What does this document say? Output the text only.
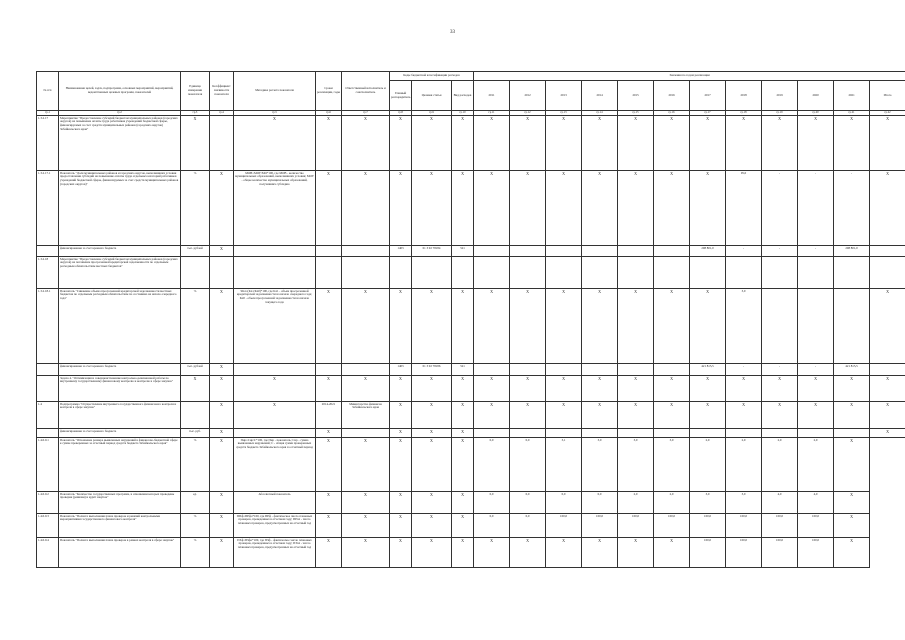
33
№ п/п	Наименование целей, задач, подпрограмм, основных мероприятий, мероприятий, ведомственных целевых программ, показателей	Единица измерения показателя	Коэффициент значимости показателя	Методика расчета показателя	Сроки реализации, годы	Ответственный исполнитель и соисполнитель	Коды бюджетной классификации расходов			Значения по годам реализации											
							Главный распорядитель	Целевая статья	Вид расходов	2011	2012	2013	2014	2015	2016	2017	2018	2019	2020	2021	Итого
гр.1	гр.2	гр.3	гр.4	гр.5	гр.6	гр.7	гр.8	гр.9	гр.10	гр.11	гр.12	гр.13	гр.14	гр.15	гр.16	гр.17	гр.18	гр.19	гр.20	гр.21	гр.22
1.3.2.17	Мероприятие "Предоставление субсидий бюджетам муниципальных районов (городских округов) на повышение оплаты труда работников учреждений бюджетной сферы, финансируемых за счет средств муниципальных районов (городских округов) Забайкальского края"	Х		Х	Х	Х	Х	Х	Х	Х	Х	Х	Х	Х	Х	Х	Х	Х	Х	Х	Х
1.3.2.17.1	Показатель "Доля муниципальных районов и городских округов, выполнивших условия предоставления субсидий на повышение оплаты труда отдельных категорий работников учреждений бюджетной сферы, финансируемых за счет средств муниципальных районов (городских округов)"	%	Х	МОВ=МОУ/МО*100, где МОВ - количество муниципальных образований, выполнивших условия; МОУ - общее количество муниципальных образований, получивших субсидию	Х	Х	Х	Х	Х	Х	Х	Х	Х	Х	Х	Х	95,0	-	-	-	Х
	финансирование за счет краевого бюджета	тыс. рублей	Х				1403	01 3 02 78184	521							298 801,0	-	-	-	298 801,0	
1.3.2.18	Мероприятие "Предоставление субсидий бюджетам муниципальных районов (городских округов) на погашение просроченной кредиторской задолженности по отдельным расходным обязательствам местных бюджетов"																				
1.3.2.18.1	Показатель "Снижение объема просроченной кредиторской задолженности местных бюджетов по отдельным расходным обязательствам по состоянию на начало очередного года"	%	Х	SKz=(Kz1/Kz0)*100, где Kz1 - объем просроченной кредиторской задолженности на начало очередного года; Kz0 - объем просроченной задолженности на начало текущего года	Х	Х	Х	Х	Х	Х	Х	Х	Х	Х	Х	Х	3,0				Х
	финансирование за счет краевого бюджета	тыс. рублей	Х				1403	01 3 02 78186	521							421 815,5	-	-	-	421 815,5	
	Задача 4. "Оптимизация и совершенствование контрольно-ревизионной работы по внутреннему государственному финансовому контролю и контролю в сфере закупок"	Х	Х	Х	Х	Х	Х	Х	Х	Х	Х	Х	Х	Х	Х	Х	Х	Х	Х	Х	Х
1.4	Подпрограмма "Осуществление внутреннего государственного финансового контроля и контроля в сфере закупок"		Х	Х	2014-2021	Министерство финансов Забайкальского края	Х	Х	Х	Х	Х	Х	Х	Х	Х	Х	Х	Х	Х	Х	Х
	финансирование за счет краевого бюджета	тыс. руб.	Х		Х		Х	Х	Х												Х
1.4.0.0.1	Показатель "Отношение размера выявленных нарушений в финансово-бюджетной сфере к сумме проверенных за отчетный период средств бюджета Забайкальского края"	%	Х	Пнр=Снр/С*100, где Пнр - показатель; Снр - сумма выявленных нарушений; С - общая сумма проверенных средств бюджета Забайкальского края за отчетный период	Х	Х	Х	Х	Х	0,0	0,0	3,1	3,0	3,0	3,0	2,9	2,9	2,9	2,9	Х	
1.4.0.0.2	Показатель "Количество государственных программ, в отношении которых проведены проверки (ревизии) и аудит закупок"	ед.	Х	Абсолютный показатель	Х	Х	Х	Х	Х	0,0	0,0	0,0	0,0	2,0	2,0	3,0	3,0	4,0	4,0	Х	
1.4.0.0.3	Показатель "Полнота выполнения плана проверок и ревизий контрольными мероприятиями государственного финансового контроля"	%	Х	ППф=ПРфо*100, где ПРф - фактическое число плановых проверок, проведенных в отчетном году; ПРпл - число плановых проверок, предусмотренных на отчетный год	Х	Х	Х	Х	Х	0,0	0,0	100,0	100,0	100,0	100,0	100,0	100,0	100,0	100,0	Х	
1.4.0.0.4	Показатель "Полнота выполнения плана проверок в рамках контроля в сфере закупок"	%	Х	ПЗф=ПЗфо*100, где ПЗф - фактическое число плановых проверок, проведенных в отчетном году; ПЗпл - число плановых проверок, предусмотренных на отчетный год	Х	Х	Х	Х	Х	Х	Х	Х	Х	Х	Х	100,0	100,0	100,0	100,0	Х	
